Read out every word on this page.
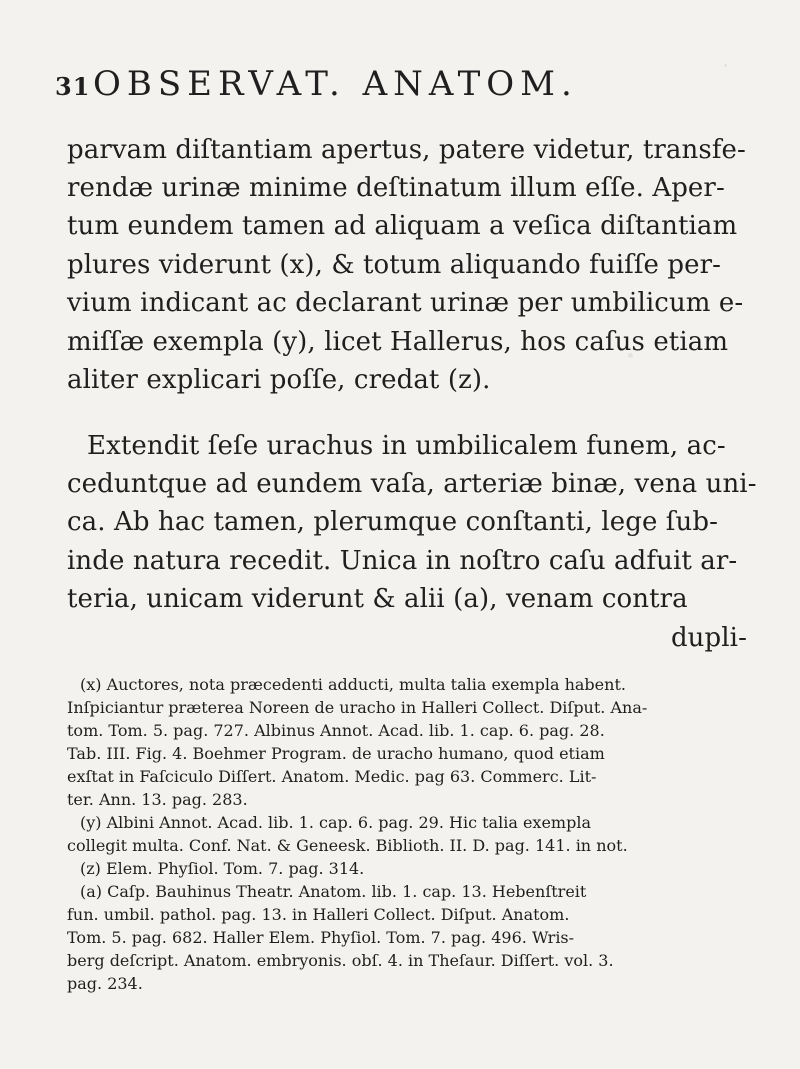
31 OBSERVAT. ANATOM.
parvam diſtantiam apertus, patere videtur, transfe-
rendæ urinæ minime deſtinatum illum eſſe. Aper-
tum eundem tamen ad aliquam a veſica diſtantiam
plures viderunt (x), & totum aliquando fuiſſe per-
vium indicant ac declarant urinæ per umbilicum e-
miſſæ exempla (y), licet Hallerus, hos caſus etiam
aliter explicari poſſe, credat (z).
Extendit ſeſe urachus in umbilicalem funem, ac-
ceduntque ad eundem vaſa, arteriæ binæ, vena uni-
ca. Ab hac tamen, plerumque conſtanti, lege ſub-
inde natura recedit. Unica in noſtro caſu adfuit ar-
teria, unicam viderunt & alii (a), venam contra
dupli-
(x) Auctores, nota præcedenti adducti, multa talia exempla habent.
Inſpiciantur præterea Noreen de uracho in Halleri Collect. Diſput. Ana-
tom. Tom. 5. pag. 727. Albinus Annot. Acad. lib. 1. cap. 6. pag. 28.
Tab. III. Fig. 4. Boehmer Program. de uracho humano, quod etiam
exſtat in Faſciculo Diſſert. Anatom. Medic. pag 63. Commerc. Lit-
ter. Ann. 13. pag. 283.
(y) Albini Annot. Acad. lib. 1. cap. 6. pag. 29. Hic talia exempla
collegit multa. Conf. Nat. & Geneesk. Biblioth. II. D. pag. 141. in not.
(z) Elem. Phyſiol. Tom. 7. pag. 314.
(a) Caſp. Bauhinus Theatr. Anatom. lib. 1. cap. 13. Hebenſtreit
fun. umbil. pathol. pag. 13. in Halleri Collect. Diſput. Anatom.
Tom. 5. pag. 682. Haller Elem. Phyſiol. Tom. 7. pag. 496. Wris-
berg deſcript. Anatom. embryonis. obſ. 4. in Theſaur. Diſſert. vol. 3.
pag. 234.
